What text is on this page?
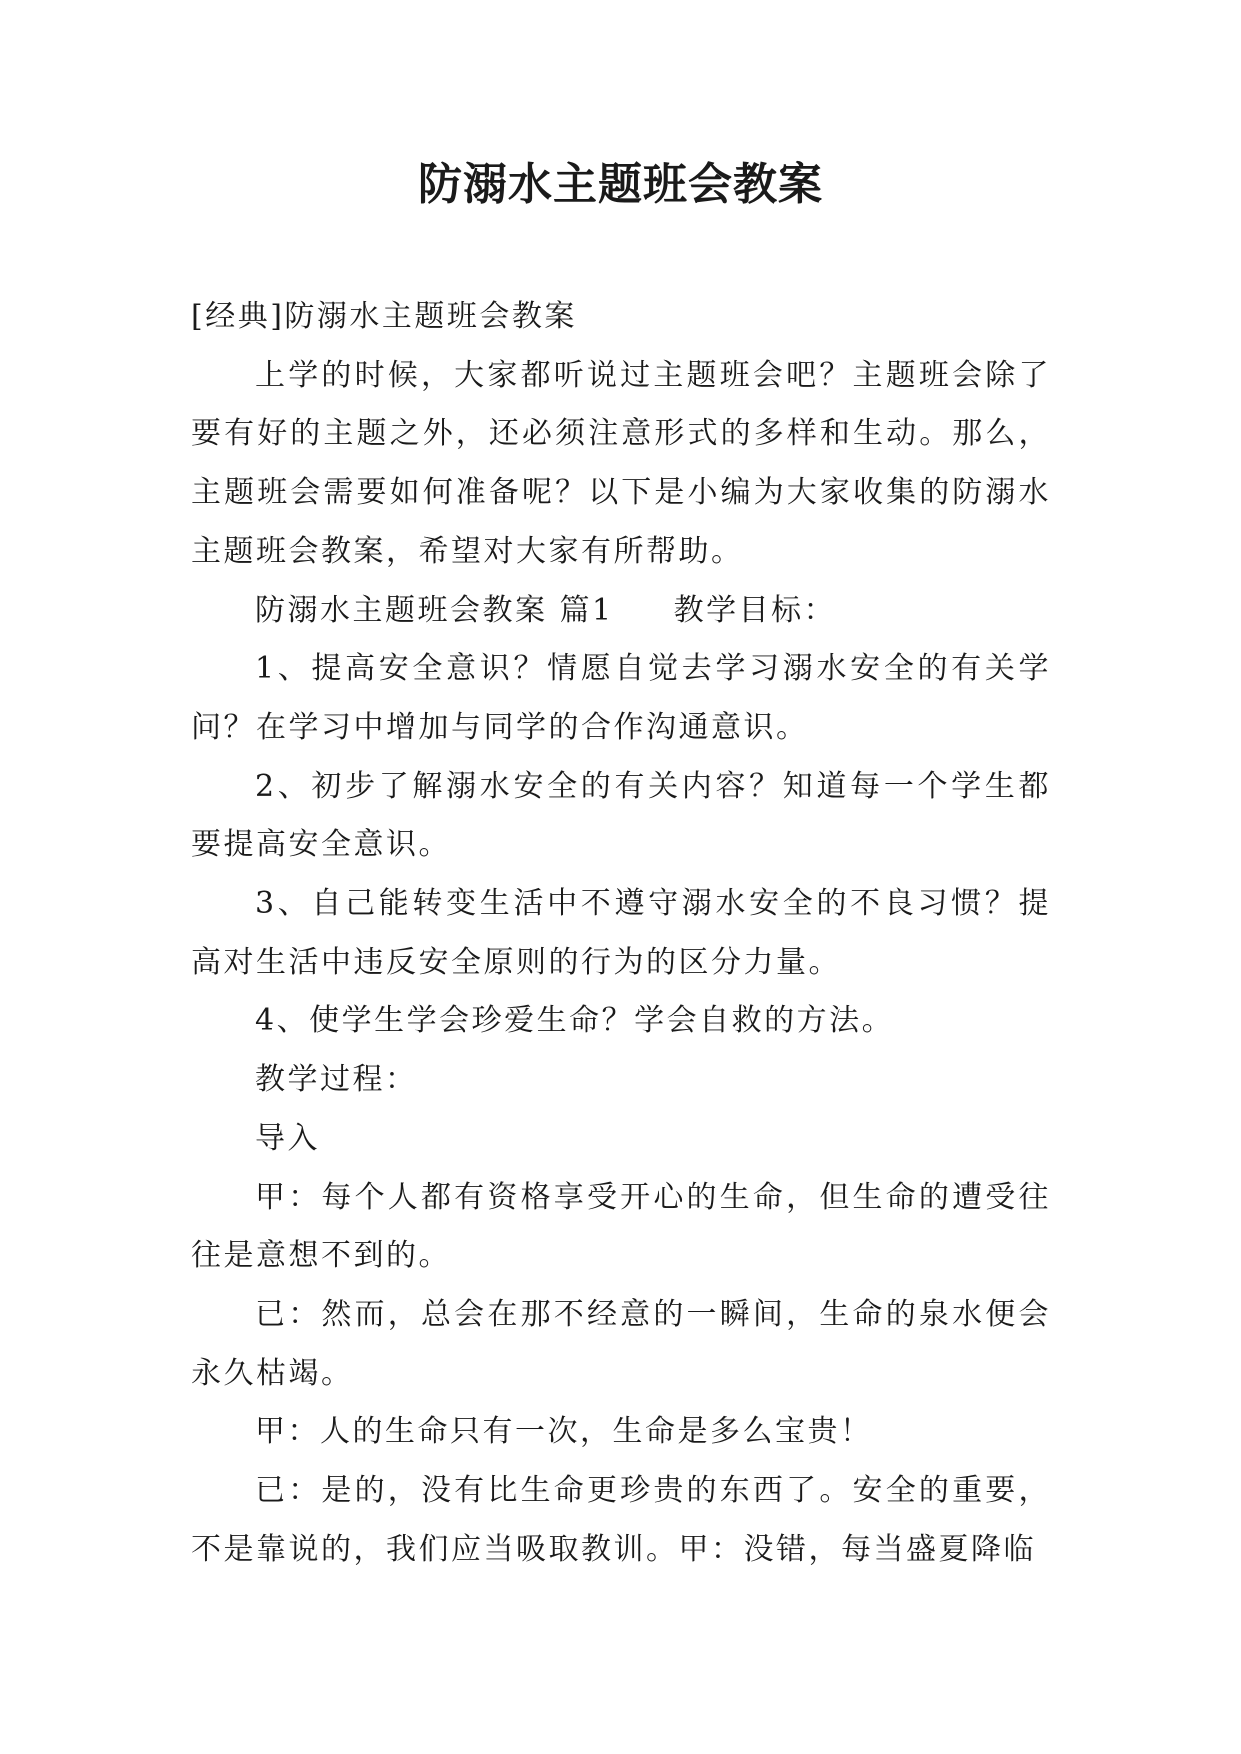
防溺水主题班会教案

[经典]防溺水主题班会教案

上学的时候，大家都听说过主题班会吧？主题班会除了要有好的主题之外，还必须注意形式的多样和生动。那么，主题班会需要如何准备呢？以下是小编为大家收集的防溺水主题班会教案，希望对大家有所帮助。

防溺水主题班会教案 篇1 教学目标：

1、提高安全意识？情愿自觉去学习溺水安全的有关学问？在学习中增加与同学的合作沟通意识。

2、初步了解溺水安全的有关内容？知道每一个学生都要提高安全意识。

3、自己能转变生活中不遵守溺水安全的不良习惯？提高对生活中违反安全原则的行为的区分力量。

4、使学生学会珍爱生命？学会自救的方法。

教学过程：

导入

甲：每个人都有资格享受开心的生命，但生命的遭受往往是意想不到的。

已：然而，总会在那不经意的一瞬间，生命的泉水便会永久枯竭。

甲：人的生命只有一次，生命是多么宝贵！

已：是的，没有比生命更珍贵的东西了。安全的重要，不是靠说的，我们应当吸取教训。甲：没错，每当盛夏降临
